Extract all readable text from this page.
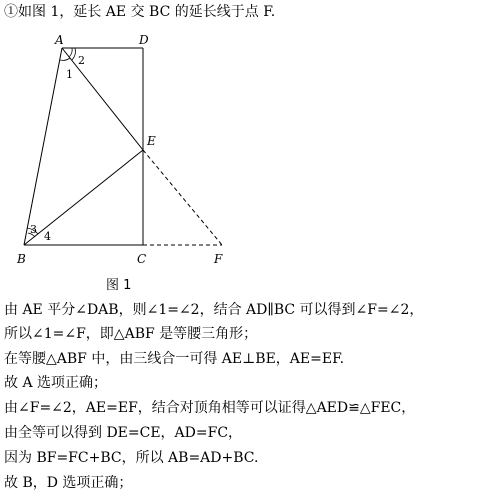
①如图 1，延长 AE 交 BC 的延长线于点 F.
A	D
E
B	C	F
2
1
3
4
图 1
由 AE 平分∠DAB，则∠1=∠2，结合 AD∥BC 可以得到∠F=∠2，
所以∠1=∠F，即△ABF 是等腰三角形；
在等腰△ABF 中，由三线合一可得 AE⊥BE，AE=EF.
故 A 选项正确；
由∠F=∠2，AE=EF，结合对顶角相等可以证得△AED≌△FEC，
由全等可以得到 DE=CE，AD=FC，
因为 BF=FC+BC，所以 AB=AD+BC.
故 B，D 选项正确；
